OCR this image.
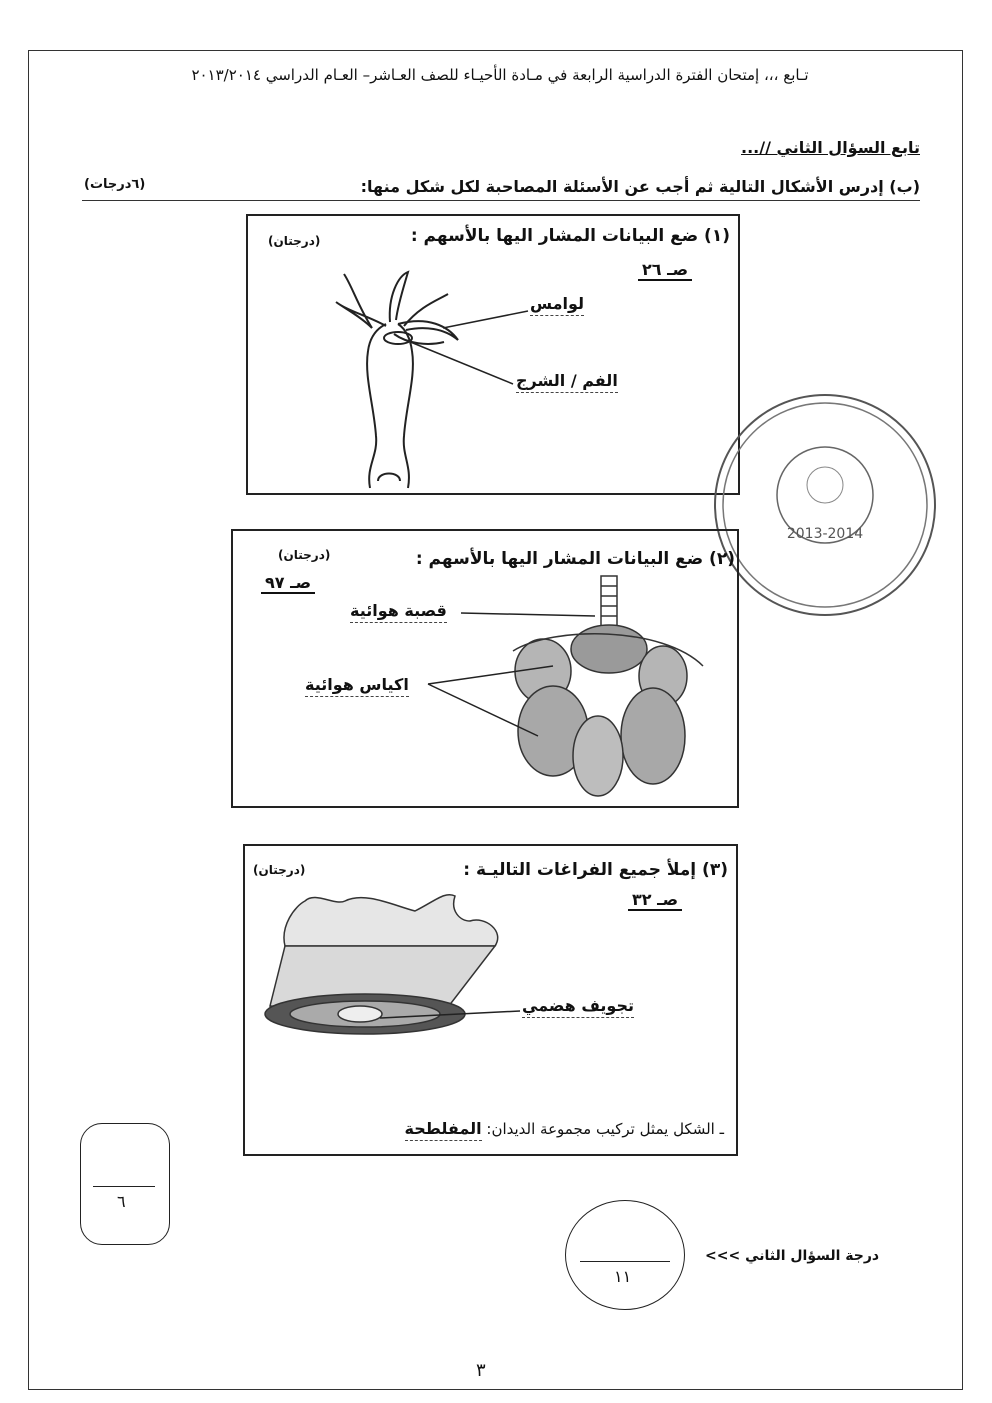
تـابع ،،، إمتحان الفترة الدراسية الرابعة في مـادة الأحيـاء للصف العـاشر– العـام الدراسي ٢٠١٣/٢٠١٤
تابع السؤال الثاني //...
(ب) إدرس الأشكال التالية ثم أجب عن الأسئلة المصاحبة لكل شكل منها:
(٦درجات)
(١) ضع البيانات المشار اليها بالأسهم :
(درجتان)
صـ ٢٦
لوامس
الفم / الشرج
2013-2014
(٢) ضع البيانات المشار اليها بالأسهم :
(درجتان)
صـ ٩٧
قصبة هوائية
اكياس هوائية
(٣) إملأ جميع الفراغات التاليـة :
(درجتان)
صـ ٣٢
تجويف هضمي
ـ الشكل يمثل تركيب مجموعة الديدان: المفلطحة
٦
١١
درجة السؤال الثاني >>>
٣
